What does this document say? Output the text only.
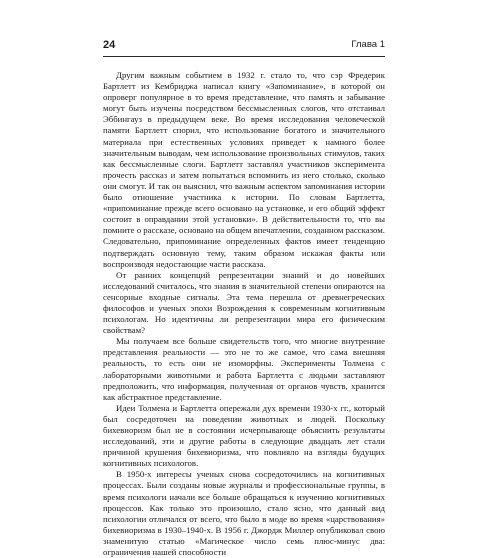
24	Глава 1

Другим важным событием в 1932 г. стало то, что сэр Фредерик Бартлетт из Кембриджа написал книгу «Запоминание», в которой он опроверг популярное в то время представление, что память и забывание могут быть изучены посредством бессмысленных слогов, что отстаивал Эббингауз в предыдущем веке. Во время исследования человеческой памяти Бартлетт спорил, что использование богатого и значительного материала при естественных условиях приведет к намного более значительным выводам, чем использование произвольных стимулов, таких как бессмысленные слоги. Бартлетт заставлял участников эксперимента прочесть рассказ и затем попытаться вспомнить из него столько, сколько они смогут. И так он выяснил, что важным аспектом запоминания истории было отношение участника к истории. По словам Бартлетта, «припоминание прежде всего основано на установке, и его общий эффект состоит в оправдании этой установки». В действительности то, что вы помните о рассказе, основано на общем впечатлении, созданном рассказом. Следовательно, припоминание определенных фактов имеет тенденцию подтверждать основную тему, таким образом искажая факты или воспроизводя недостающие части рассказа.

От ранних концепций репрезентации знаний и до новейших исследований считалось, что знания в значительной степени опираются на сенсорные входные сигналы. Эта тема перешла от древнегреческих философов и ученых эпохи Возрождения к современным когнитивным психологам. Но идентичны ли репрезентации мира его физическим свойствам?

Мы получаем все больше свидетельств того, что многие внутренние представления реальности — это не то же самое, что сама внешняя реальность, то есть они не изоморфны. Эксперименты Толмена с лабораторными животными и работа Бартлетта с людьми заставляют предположить, что информация, полученная от органов чувств, хранится как абстрактное представление.

Идеи Толмена и Бартлетта опережали дух времени 1930-х гг., который был сосредоточен на поведении животных и людей. Поскольку бихевиоризм был не в состоянии исчерпывающе объяснить результаты исследований, эти и другие работы в следующие двадцать лет стали причиной крушения бихевиоризма, что повлияло на взгляды будущих когнитивных психологов.

В 1950-х интересы ученых снова сосредоточились на когнитивных процессах. Были созданы новые журналы и профессиональные группы, в время психологи начали все больше обращаться к изучению когнитивных процессов. Как только это произошло, стало ясно, что данный вид психологии отличался от всего, что было в моде во время «царствования» бихевиоризма в 1930–1940-х. В 1956 г. Джордж Миллер опубликовал свою знаменитую статью «Магическое число семь плюс-минус два: ограничения нашей способности
